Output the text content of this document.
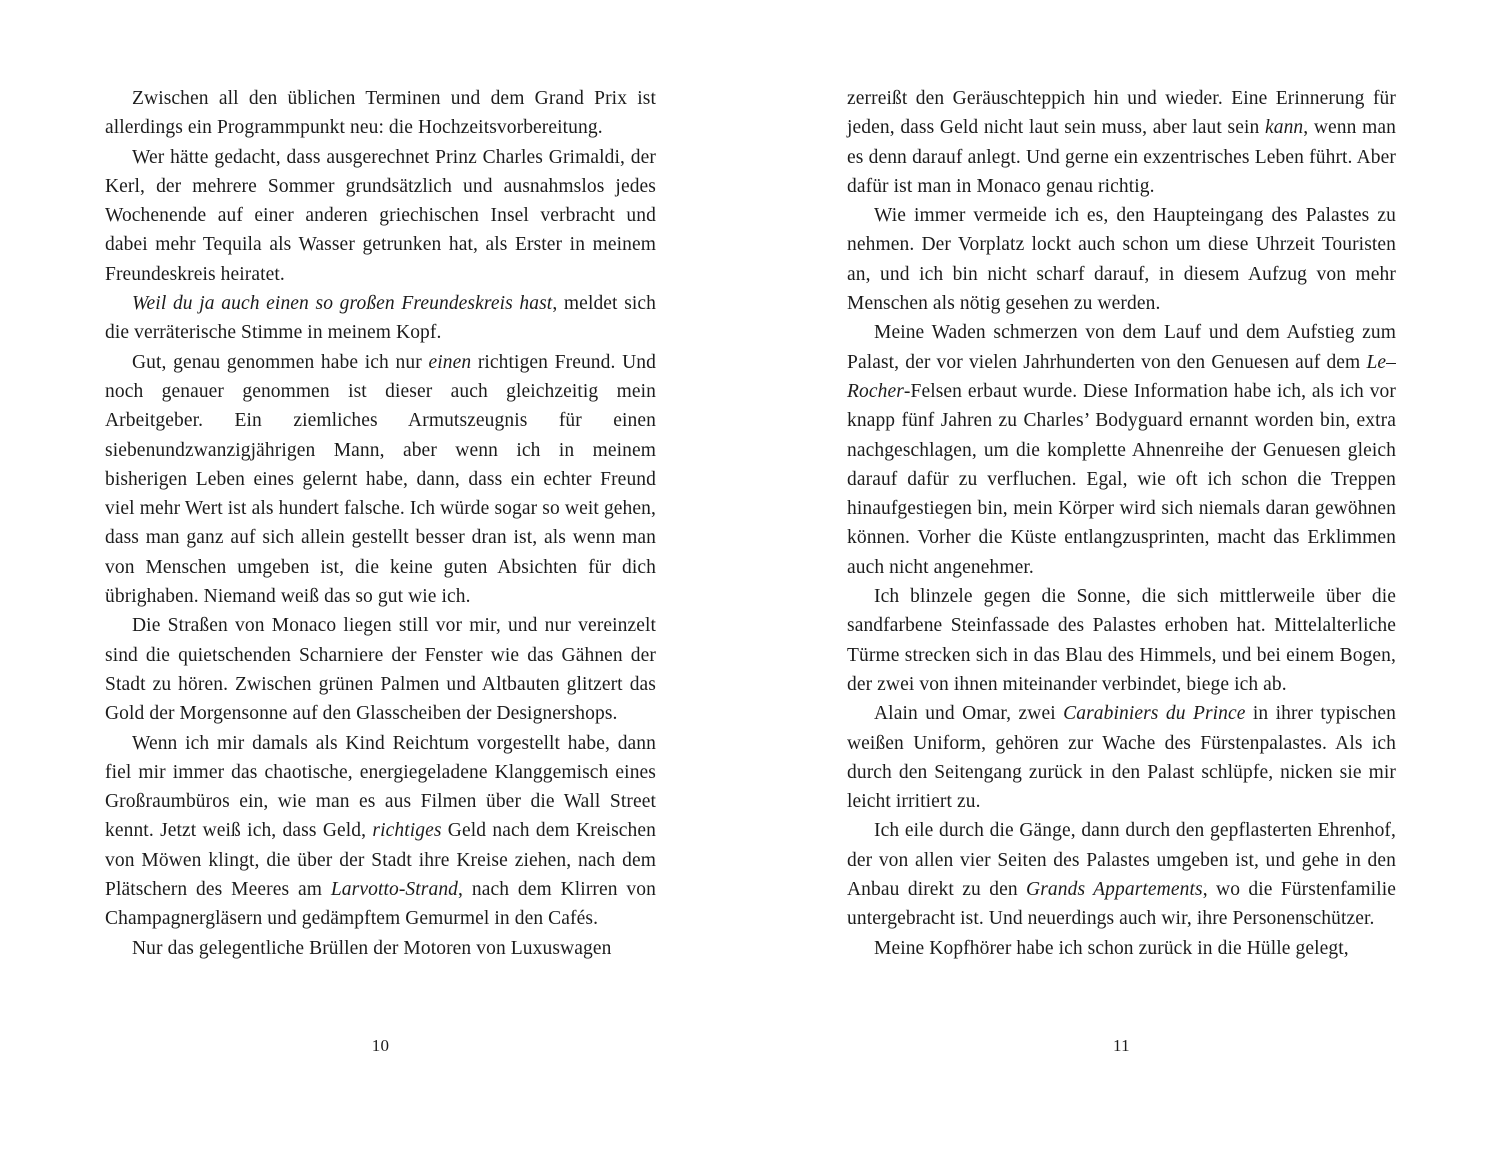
Zwischen all den üblichen Terminen und dem Grand Prix ist allerdings ein Programmpunkt neu: die Hochzeitsvorbereitung.

Wer hätte gedacht, dass ausgerechnet Prinz Charles Grimaldi, der Kerl, der mehrere Sommer grundsätzlich und ausnahmslos jedes Wochenende auf einer anderen griechischen Insel verbracht und dabei mehr Tequila als Wasser getrunken hat, als Erster in meinem Freundeskreis heiratet.

Weil du ja auch einen so großen Freundeskreis hast, meldet sich die verräterische Stimme in meinem Kopf.

Gut, genau genommen habe ich nur einen richtigen Freund. Und noch genauer genommen ist dieser auch gleichzeitig mein Arbeitgeber. Ein ziemliches Armutszeugnis für einen siebenundzwanzigjährigen Mann, aber wenn ich in meinem bisherigen Leben eines gelernt habe, dann, dass ein echter Freund viel mehr Wert ist als hundert falsche. Ich würde sogar so weit gehen, dass man ganz auf sich allein gestellt besser dran ist, als wenn man von Menschen umgeben ist, die keine guten Absichten für dich übrighaben. Niemand weiß das so gut wie ich.

Die Straßen von Monaco liegen still vor mir, und nur vereinzelt sind die quietschenden Scharniere der Fenster wie das Gähnen der Stadt zu hören. Zwischen grünen Palmen und Altbauten glitzert das Gold der Morgensonne auf den Glasscheiben der Designershops.

Wenn ich mir damals als Kind Reichtum vorgestellt habe, dann fiel mir immer das chaotische, energiegeladene Klanggemisch eines Großraumbüros ein, wie man es aus Filmen über die Wall Street kennt. Jetzt weiß ich, dass Geld, richtiges Geld nach dem Kreischen von Möwen klingt, die über der Stadt ihre Kreise ziehen, nach dem Plätschern des Meeres am Larvotto-Strand, nach dem Klirren von Champagnergläsern und gedämpftem Gemurmel in den Cafés.

Nur das gelegentliche Brüllen der Motoren von Luxuswagen

10

zerreißt den Geräuschteppich hin und wieder. Eine Erinnerung für jeden, dass Geld nicht laut sein muss, aber laut sein kann, wenn man es denn darauf anlegt. Und gerne ein exzentrisches Leben führt. Aber dafür ist man in Monaco genau richtig.

Wie immer vermeide ich es, den Haupteingang des Palastes zu nehmen. Der Vorplatz lockt auch schon um diese Uhrzeit Touristen an, und ich bin nicht scharf darauf, in diesem Aufzug von mehr Menschen als nötig gesehen zu werden.

Meine Waden schmerzen von dem Lauf und dem Aufstieg zum Palast, der vor vielen Jahrhunderten von den Genuesen auf dem Le–Rocher-Felsen erbaut wurde. Diese Information habe ich, als ich vor knapp fünf Jahren zu Charles’ Bodyguard ernannt worden bin, extra nachgeschlagen, um die komplette Ahnenreihe der Genuesen gleich darauf dafür zu verfluchen. Egal, wie oft ich schon die Treppen hinaufgestiegen bin, mein Körper wird sich niemals daran gewöhnen können. Vorher die Küste entlangzusprinten, macht das Erklimmen auch nicht angenehmer.

Ich blinzele gegen die Sonne, die sich mittlerweile über die sandfarbene Steinfassade des Palastes erhoben hat. Mittelalterliche Türme strecken sich in das Blau des Himmels, und bei einem Bogen, der zwei von ihnen miteinander verbindet, biege ich ab.

Alain und Omar, zwei Carabiniers du Prince in ihrer typischen weißen Uniform, gehören zur Wache des Fürstenpalastes. Als ich durch den Seitengang zurück in den Palast schlüpfe, nicken sie mir leicht irritiert zu.

Ich eile durch die Gänge, dann durch den gepflasterten Ehrenhof, der von allen vier Seiten des Palastes umgeben ist, und gehe in den Anbau direkt zu den Grands Appartements, wo die Fürstenfamilie untergebracht ist. Und neuerdings auch wir, ihre Personenschützer.

Meine Kopfhörer habe ich schon zurück in die Hülle gelegt,

11
